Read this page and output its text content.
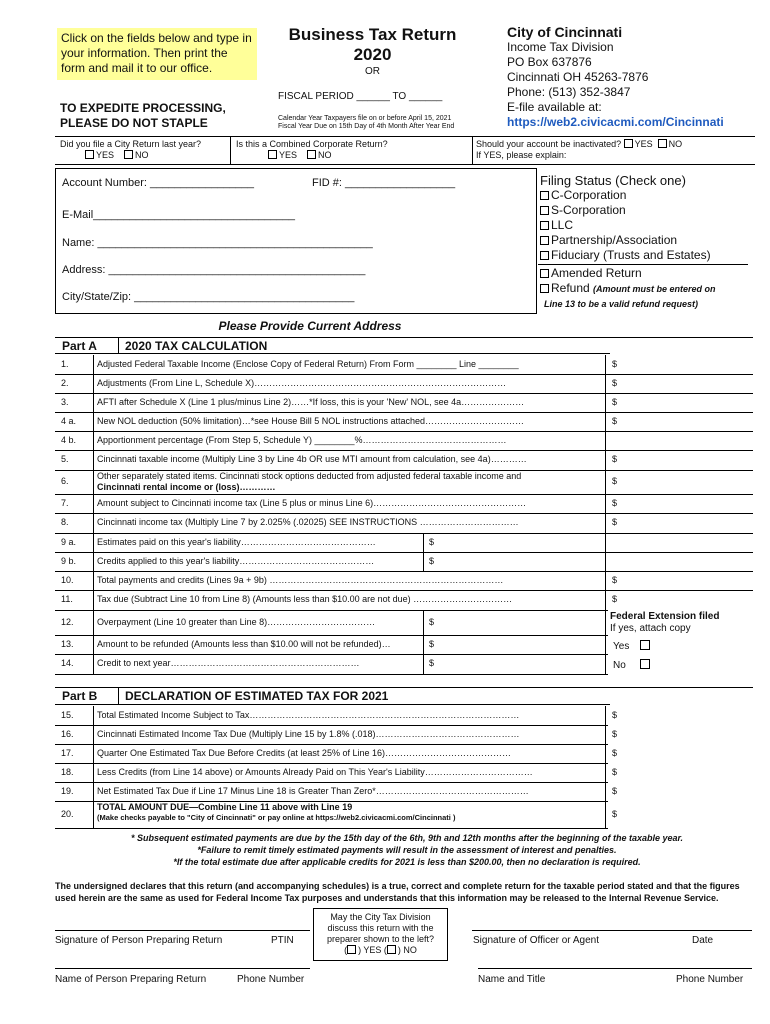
Click on the fields below and type in your information. Then print the form and mail it to our office.
Business Tax Return
2020
OR
FISCAL PERIOD ______ TO ______
Calendar Year Taxpayers file on or before April 15, 2021
Fiscal Year Due on 15th Day of 4th Month After Year End
TO EXPEDITE PROCESSING,
PLEASE DO NOT STAPLE
City of Cincinnati
Income Tax Division
PO Box 637876
Cincinnati OH 45263-7876
Phone: (513) 352-3847
E-file available at:
https://web2.civicacmi.com/Cincinnati
Did you file a City Return last year?
YES NO
Is this a Combined Corporate Return?
YES NO
Should your account be inactivated? YES NO
If YES, please explain:
Account Number: _________________	FID #: __________________
E-Mail_________________________________
Name: _____________________________________________
Address: __________________________________________
City/State/Zip: ____________________________________
Filing Status (Check one)
C-Corporation
S-Corporation
LLC
Partnership/Association
Fiduciary (Trusts and Estates)
Amended Return
Refund (Amount must be entered on
Line 13 to be a valid refund request)
Please Provide Current Address
Part A 2020 TAX CALCULATION
1.	Adjusted Federal Taxable Income (Enclose Copy of Federal Return) From Form ________ Line ________	$
2.	Adjustments (From Line L, Schedule X)…………………………………………………………………………	$
3.	AFTI after Schedule X (Line 1 plus/minus Line 2)……*If loss, this is your 'New' NOL, see 4a…………………	$
4 a. New NOL deduction (50% limitation)…*see House Bill 5 NOL instructions attached……………………………	$
4 b. Apportionment percentage (From Step 5, Schedule Y) ________%…………………………………………
5.	Cincinnati taxable income (Multiply Line 3 by Line 4b OR use MTI amount from calculation, see 4a)…………	$
6.	Other separately stated items. Cincinnati stock options deducted from adjusted federal taxable income and
Cincinnati rental income or (loss)…………
$
7.	Amount subject to Cincinnati income tax (Line 5 plus or minus Line 6)……………………………………………	$
8.	Cincinnati income tax (Multiply Line 7 by 2.025% (.02025) SEE INSTRUCTIONS ……………………………	$
9 a. Estimates paid on this year's liability………………………………………	$
9 b. Credits applied to this year's liability………………………………………	$
10.	Total payments and credits (Lines 9a + 9b) ……………………………………………………………………	$
11.	Tax due (Subtract Line 10 from Line 8) (Amounts less than $10.00 are not due) ……………………………	$
12.	Overpayment (Line 10 greater than Line 8)………………………………	$
13.	Amount to be refunded (Amounts less than $10.00 will not be refunded)…	$
14.	Credit to next year………………………………………………………	$
Federal Extension filed
If yes, attach copy
Yes
No
Part B DECLARATION OF ESTIMATED TAX FOR 2021
15.	Total Estimated Income Subject to Tax………………………………………………………………………………	$
16.	Cincinnati Estimated Income Tax Due (Multiply Line 15 by 1.8% (.018)…………………………………………	$
17.	Quarter One Estimated Tax Due Before Credits (at least 25% of Line 16)……………………………………	$
18.	Less Credits (from Line 14 above) or Amounts Already Paid on This Year's Liability………………………………	$
19.	Net Estimated Tax Due if Line 17 Minus Line 18 is Greater Than Zero*……………………………………………	$
20.
TOTAL AMOUNT DUE—Combine Line 11 above with Line 19
(Make checks payable to "City of Cincinnati" or pay online at https://web2.civicacmi.com/Cincinnati )	$
* Subsequent estimated payments are due by the 15th day of the 6th, 9th and 12th months after the beginning of the taxable year.
*Failure to remit timely estimated payments will result in the assessment of interest and penalties.
*If the total estimate due after applicable credits for 2021 is less than $200.00, then no declaration is required.
The undersigned declares that this return (and accompanying schedules) is a true, correct and complete return for the taxable period stated and that the figures used herein are the same as used for Federal Income Tax purposes and understands that this information may be released to the Internal Revenue Service.
May the City Tax Division
discuss this return with the
preparer shown to the left?
( ) YES ( ) NO
Signature of Person Preparing Return	PTIN	Signature of Officer or Agent	Date
Name of Person Preparing Return	Phone Number	Name and Title	Phone Number
